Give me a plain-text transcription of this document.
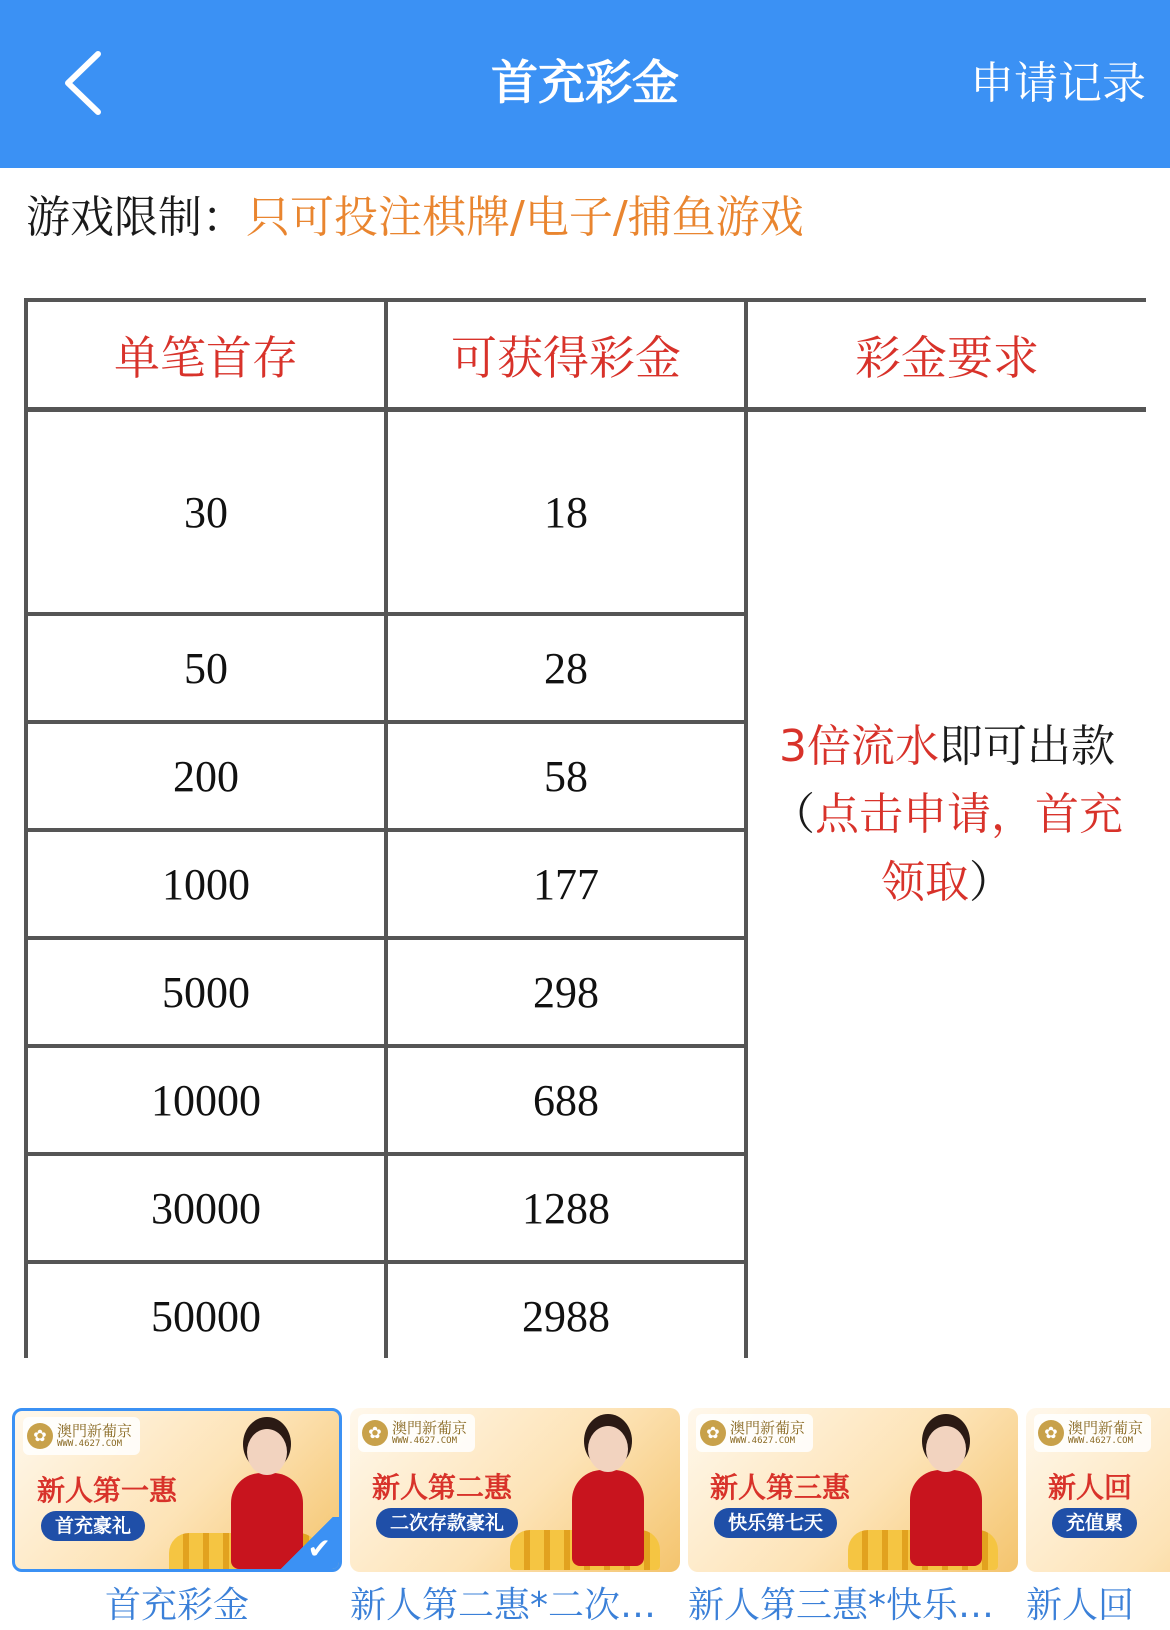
首充彩金	申请记录
游戏限制：只可投注棋牌/电子/捕鱼游戏
单笔首存	可获得彩金	彩金要求
30	18	3倍流水即可出款
（点击申请，首充领取）

50	28	
200	58	
1000	177	
5000	298	
10000	688	
30000	1288	
50000	2988	
✿ 澳門新葡京
WWW.4627.COM
新人第一惠
首充豪礼
✔
首充彩金
✿ 澳門新葡京
WWW.4627.COM
新人第二惠
二次存款豪礼
新人第二惠*二次…
✿ 澳門新葡京
WWW.4627.COM
新人第三惠
快乐第七天
新人第三惠*快乐…
✿ 澳門新葡京
WWW.4627.COM
新人回
充值累
新人回
